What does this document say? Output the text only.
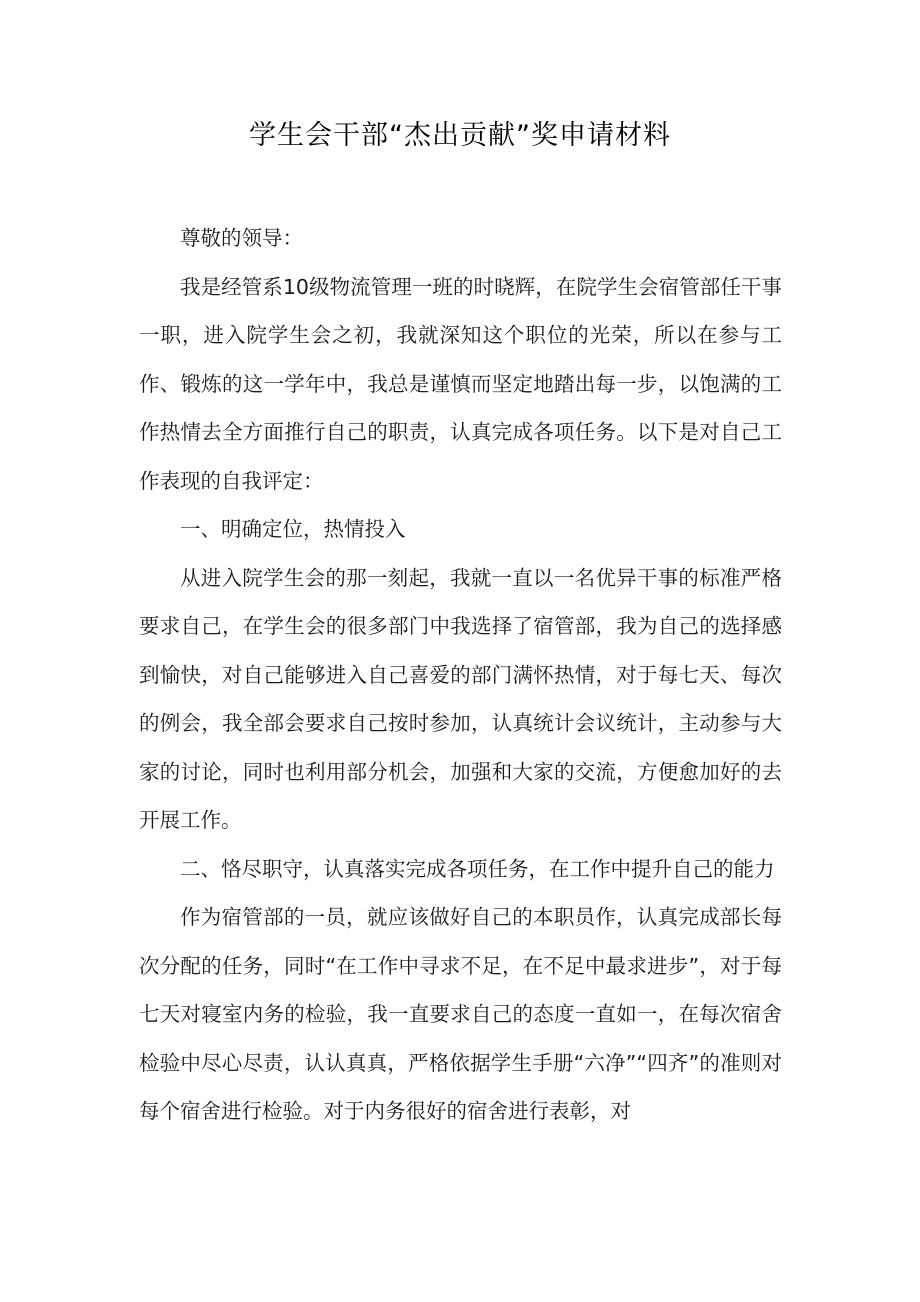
学生会干部“杰出贡献”奖申请材料

尊敬的领导：

我是经管系10级物流管理一班的时晓辉，在院学生会宿管部任干事一职，进入院学生会之初，我就深知这个职位的光荣，所以在参与工作、锻炼的这一学年中，我总是谨慎而坚定地踏出每一步，以饱满的工作热情去全方面推行自己的职责，认真完成各项任务。以下是对自己工作表现的自我评定：

一、明确定位，热情投入

从进入院学生会的那一刻起，我就一直以一名优异干事的标准严格要求自己，在学生会的很多部门中我选择了宿管部，我为自己的选择感到愉快，对自己能够进入自己喜爱的部门满怀热情，对于每七天、每次的例会，我全部会要求自己按时参加，认真统计会议统计，主动参与大家的讨论，同时也利用部分机会，加强和大家的交流，方便愈加好的去开展工作。

二、恪尽职守，认真落实完成各项任务，在工作中提升自己的能力

作为宿管部的一员，就应该做好自己的本职员作，认真完成部长每次分配的任务，同时“在工作中寻求不足，在不足中最求进步”，对于每七天对寝室内务的检验，我一直要求自己的态度一直如一，在每次宿舍检验中尽心尽责，认认真真，严格依据学生手册“六净”“四齐”的准则对每个宿舍进行检验。对于内务很好的宿舍进行表彰，对
